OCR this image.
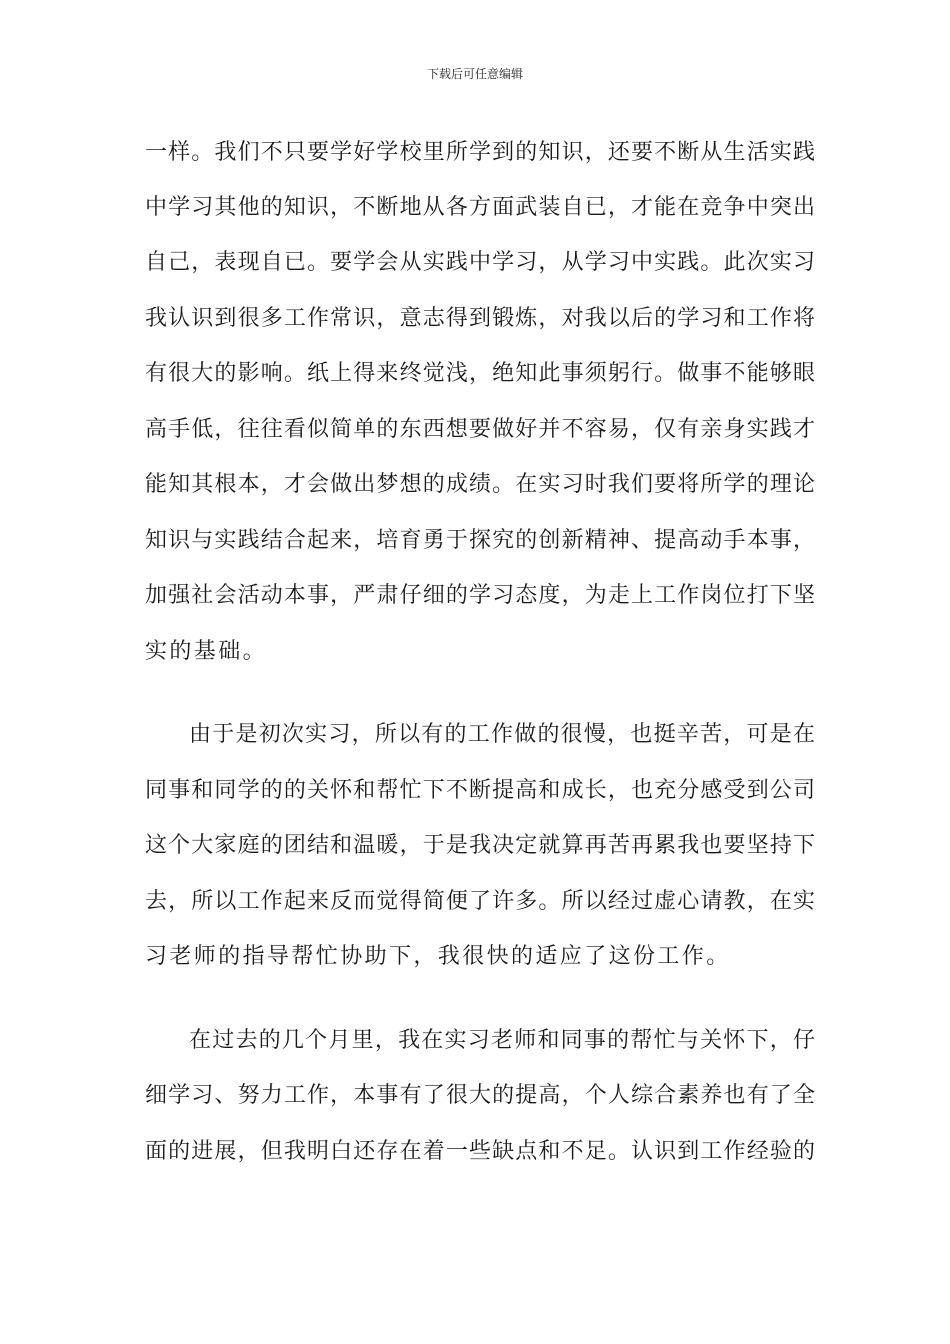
下载后可任意编辑
一样。我们不只要学好学校里所学到的知识，还要不断从生活实践
中学习其他的知识，不断地从各方面武装自已，才能在竞争中突出
自己，表现自已。要学会从实践中学习，从学习中实践。此次实习
我认识到很多工作常识，意志得到锻炼，对我以后的学习和工作将
有很大的影响。纸上得来终觉浅，绝知此事须躬行。做事不能够眼
高手低，往往看似简单的东西想要做好并不容易，仅有亲身实践才
能知其根本，才会做出梦想的成绩。在实习时我们要将所学的理论
知识与实践结合起来，培育勇于探究的创新精神、提高动手本事，
加强社会活动本事，严肃仔细的学习态度，为走上工作岗位打下坚
实的基础。
由于是初次实习，所以有的工作做的很慢，也挺辛苦，可是在
同事和同学的的关怀和帮忙下不断提高和成长，也充分感受到公司
这个大家庭的团结和温暖，于是我决定就算再苦再累我也要坚持下
去，所以工作起来反而觉得简便了许多。所以经过虚心请教，在实
习老师的指导帮忙协助下，我很快的适应了这份工作。
在过去的几个月里，我在实习老师和同事的帮忙与关怀下，仔
细学习、努力工作，本事有了很大的提高，个人综合素养也有了全
面的进展，但我明白还存在着一些缺点和不足。认识到工作经验的
